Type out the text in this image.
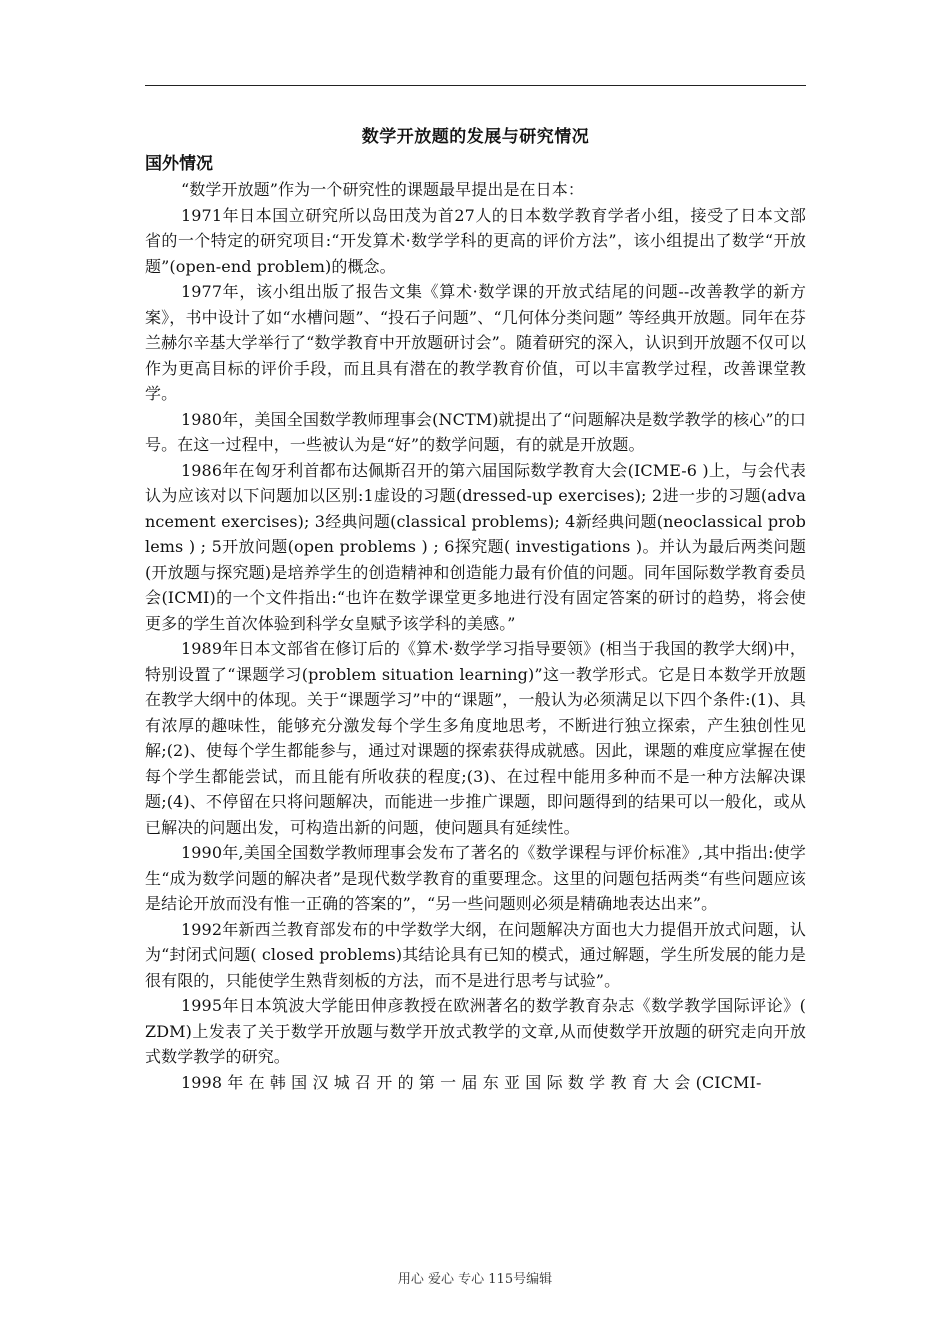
数学开放题的发展与研究情况
国外情况

“数学开放题”作为一个研究性的课题最早提出是在日本：

1971年日本国立研究所以岛田茂为首27人的日本数学教育学者小组，接受了日本文部省的一个特定的研究项目:“开发算术·数学学科的更高的评价方法”，该小组提出了数学“开放题”(open-end problem)的概念。

1977年，该小组出版了报告文集《算术·数学课的开放式结尾的问题--改善教学的新方案》，书中设计了如“水槽问题”、“投石子问题”、“几何体分类问题” 等经典开放题。同年在芬兰赫尔辛基大学举行了“数学教育中开放题研讨会”。随着研究的深入，认识到开放题不仅可以作为更高目标的评价手段，而且具有潜在的教学教育价值，可以丰富教学过程，改善课堂教学。

1980年，美国全国数学教师理事会(NCTM)就提出了“问题解决是数学教学的核心”的口号。在这一过程中，一些被认为是“好”的数学问题，有的就是开放题。

1986年在匈牙利首都布达佩斯召开的第六届国际数学教育大会(ICME-6 )上，与会代表认为应该对以下问题加以区别:1虚设的习题(dressed-up exercises); 2进一步的习题(advancement exercises); 3经典问题(classical problems); 4新经典问题(neoclassical problems ) ; 5开放问题(open problems ) ; 6探究题( investigations )。并认为最后两类问题(开放题与探究题)是培养学生的创造精神和创造能力最有价值的问题。同年国际数学教育委员会(ICMI)的一个文件指出:“也许在数学课堂更多地进行没有固定答案的研讨的趋势，将会使更多的学生首次体验到科学女皇赋予该学科的美感。”

1989年日本文部省在修订后的《算术·数学学习指导要领》(相当于我国的教学大纲)中，特别设置了“课题学习(problem situation learning)”这一教学形式。它是日本数学开放题在教学大纲中的体现。关于“课题学习”中的“课题”，一般认为必须满足以下四个条件:(1)、具有浓厚的趣味性，能够充分激发每个学生多角度地思考，不断进行独立探索，产生独创性见解;(2)、使每个学生都能参与，通过对课题的探索获得成就感。因此，课题的难度应掌握在使每个学生都能尝试，而且能有所收获的程度;(3)、在过程中能用多种而不是一种方法解决课题;(4)、不停留在只将问题解决，而能进一步推广课题，即问题得到的结果可以一般化，或从已解决的问题出发，可构造出新的问题，使问题具有延续性。

1990年,美国全国数学教师理事会发布了著名的《数学课程与评价标准》,其中指出:使学生“成为数学问题的解决者”是现代数学教育的重要理念。这里的问题包括两类“有些问题应该是结论开放而没有惟一正确的答案的”，“另一些问题则必须是精确地表达出来”。

1992年新西兰教育部发布的中学数学大纲，在问题解决方面也大力提倡开放式问题，认为“封闭式问题( closed problems)其结论具有已知的模式，通过解题，学生所发展的能力是很有限的，只能使学生熟背刻板的方法，而不是进行思考与试验”。

1995年日本筑波大学能田伸彦教授在欧洲著名的数学教育杂志《数学教学国际评论》( ZDM)上发表了关于数学开放题与数学开放式教学的文章,从而使数学开放题的研究走向开放式数学教学的研究。

1998 年 在 韩 国 汉 城 召 开 的 第 一 届 东 亚 国 际 数 学 教 育 大 会 (CICMI-

用心 爱心 专心 115号编辑
